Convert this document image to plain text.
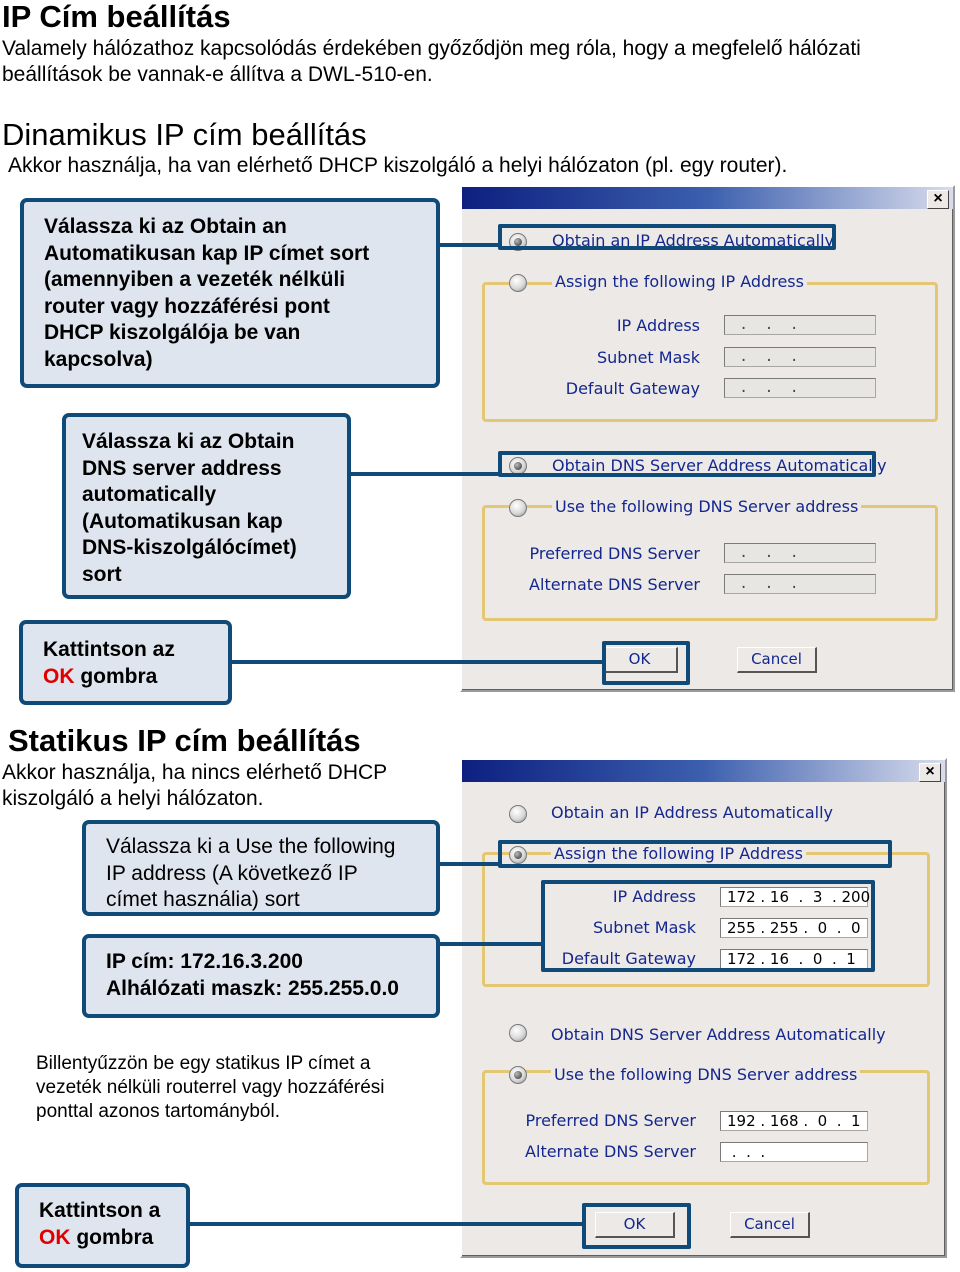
IP Cím beállítás
Valamely hálózathoz kapcsolódás érdekében győződjön meg róla, hogy a megfelelő hálózati
beállítások be vannak-e állítva a DWL-510-en.
Dinamikus IP cím beállítás
Akkor használja, ha van elérhető DHCP kiszolgáló a helyi hálózaton (pl. egy router).
×
Obtain an IP Address Automatically
Assign the following IP Address
IP Address	.  .  .
Subnet Mask	.  .  .
Default Gateway	.  .  .
Obtain DNS Server Address Automatically
Use the following DNS Server address
Preferred DNS Server	.  .  .
Alternate DNS Server	.  .  .
OK	Cancel
Válassza ki az Obtain an
Automatikusan kap IP címet sort
(amennyiben a vezeték nélküli
router vagy hozzáférési pont
DHCP kiszolgálója be van
kapcsolva)
Válassza ki az Obtain
DNS server address
automatically
(Automatikusan kap
DNS-kiszolgálócímet)
sort
Kattintson az
OK gombra
Statikus IP cím beállítás
Akkor használja, ha nincs elérhető DHCP
kiszolgáló a helyi hálózaton.
×
Obtain an IP Address Automatically
Assign the following IP Address
IP Address	172 . 16  .  3  . 200
Subnet Mask	255 . 255 .  0  .  0
Default Gateway	172 . 16  .  0  .  1
Obtain DNS Server Address Automatically
Use the following DNS Server address
Preferred DNS Server	192 . 168 .  0  .  1
Alternate DNS Server	.  .  .
OK	Cancel
Válassza ki a Use the following
IP address (A következő IP
címet használia) sort
IP cím: 172.16.3.200
Alhálózati maszk: 255.255.0.0
Billentyűzzön be egy statikus IP címet a
vezeték nélküli routerrel vagy hozzáférési
ponttal azonos tartományból.
Kattintson a
OK gombra
